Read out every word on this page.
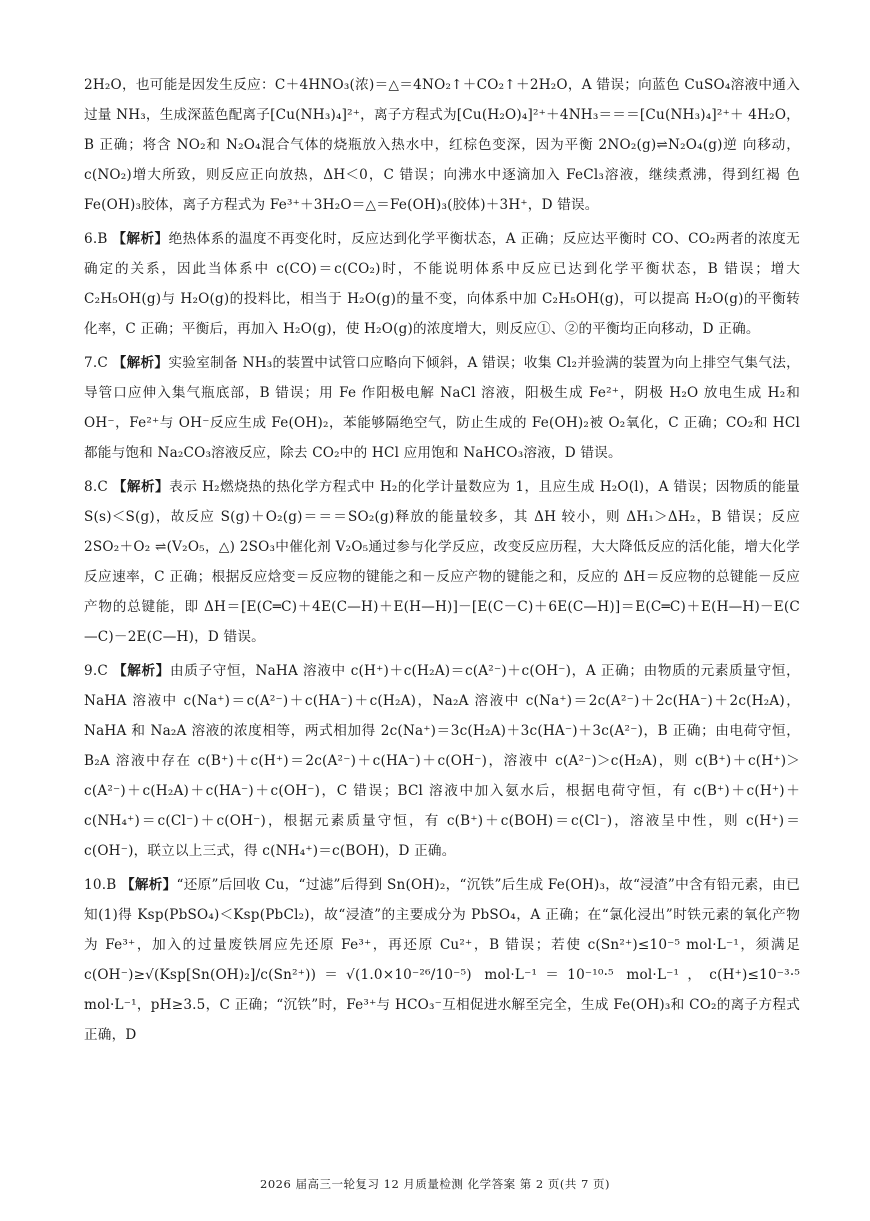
2H₂O，也可能是因发生反应：C＋4HNO₃(浓)＝△＝4NO₂↑＋CO₂↑＋2H₂O，A 错误；向蓝色 CuSO₄溶液中通入 过量 NH₃，生成深蓝色配离子[Cu(NH₃)₄]²⁺，离子方程式为[Cu(H₂O)₄]²⁺＋4NH₃＝＝＝[Cu(NH₃)₄]²⁺＋ 4H₂O，B 正确；将含 NO₂和 N₂O₄混合气体的烧瓶放入热水中，红棕色变深，因为平衡 2NO₂(g)⇌N₂O₄(g)逆 向移动，c(NO₂)增大所致，则反应正向放热，ΔH＜0，C 错误；向沸水中逐滴加入 FeCl₃溶液，继续煮沸，得到红褐 色 Fe(OH)₃胶体，离子方程式为 Fe³⁺＋3H₂O＝△＝Fe(OH)₃(胶体)＋3H⁺，D 错误。

6.B 【解析】绝热体系的温度不再变化时，反应达到化学平衡状态，A 正确；反应达平衡时 CO、CO₂两者的浓度无确定的关系，因此当体系中 c(CO)＝c(CO₂)时，不能说明体系中反应已达到化学平衡状态，B 错误；增大 C₂H₅OH(g)与 H₂O(g)的投料比，相当于 H₂O(g)的量不变，向体系中加 C₂H₅OH(g)，可以提高 H₂O(g)的平衡转化率，C 正确；平衡后，再加入 H₂O(g)，使 H₂O(g)的浓度增大，则反应①、②的平衡均正向移动，D 正确。

7.C 【解析】实验室制备 NH₃的装置中试管口应略向下倾斜，A 错误；收集 Cl₂并验满的装置为向上排空气集气法，导管口应伸入集气瓶底部，B 错误；用 Fe 作阳极电解 NaCl 溶液，阳极生成 Fe²⁺，阴极 H₂O 放电生成 H₂和 OH⁻，Fe²⁺与 OH⁻反应生成 Fe(OH)₂，苯能够隔绝空气，防止生成的 Fe(OH)₂被 O₂氧化，C 正确；CO₂和 HCl 都能与饱和 Na₂CO₃溶液反应，除去 CO₂中的 HCl 应用饱和 NaHCO₃溶液，D 错误。

8.C 【解析】表示 H₂燃烧热的热化学方程式中 H₂的化学计量数应为 1，且应生成 H₂O(l)，A 错误；因物质的能量 S(s)＜S(g)，故反应 S(g)＋O₂(g)＝＝＝SO₂(g)释放的能量较多，其 ΔH 较小，则 ΔH₁＞ΔH₂，B 错误；反应 2SO₂＋O₂ ⇌(V₂O₅，△) 2SO₃中催化剂 V₂O₅通过参与化学反应，改变反应历程，大大降低反应的活化能，增大化学反应速率，C 正确；根据反应焓变＝反应物的键能之和－反应产物的键能之和，反应的 ΔH＝反应物的总键能－反应产物的总键能，即 ΔH＝[E(C═C)＋4E(C—H)＋E(H—H)]－[E(C－C)＋6E(C—H)]＝E(C═C)＋E(H—H)－E(C—C)－2E(C—H)，D 错误。

9.C 【解析】由质子守恒，NaHA 溶液中 c(H⁺)＋c(H₂A)＝c(A²⁻)＋c(OH⁻)，A 正确；由物质的元素质量守恒，NaHA 溶液中 c(Na⁺)＝c(A²⁻)＋c(HA⁻)＋c(H₂A)，Na₂A 溶液中 c(Na⁺)＝2c(A²⁻)＋2c(HA⁻)＋2c(H₂A)，NaHA 和 Na₂A 溶液的浓度相等，两式相加得 2c(Na⁺)＝3c(H₂A)＋3c(HA⁻)＋3c(A²⁻)，B 正确；由电荷守恒，B₂A 溶液中存在 c(B⁺)＋c(H⁺)＝2c(A²⁻)＋c(HA⁻)＋c(OH⁻)，溶液中 c(A²⁻)＞c(H₂A)，则 c(B⁺)＋c(H⁺)＞c(A²⁻)＋c(H₂A)＋c(HA⁻)＋c(OH⁻)，C 错误；BCl 溶液中加入氨水后，根据电荷守恒，有 c(B⁺)＋c(H⁺)＋c(NH₄⁺)＝c(Cl⁻)＋c(OH⁻)，根据元素质量守恒，有 c(B⁺)＋c(BOH)＝c(Cl⁻)，溶液呈中性，则 c(H⁺)＝c(OH⁻)，联立以上三式，得 c(NH₄⁺)＝c(BOH)，D 正确。

10.B 【解析】“还原”后回收 Cu，“过滤”后得到 Sn(OH)₂，“沉铁”后生成 Fe(OH)₃，故“浸渣”中含有铅元素，由已知(1)得 Ksp(PbSO₄)＜Ksp(PbCl₂)，故“浸渣”的主要成分为 PbSO₄，A 正确；在“氯化浸出”时铁元素的氧化产物为 Fe³⁺，加入的过量废铁屑应先还原 Fe³⁺，再还原 Cu²⁺，B 错误；若使 c(Sn²⁺)≤10⁻⁵ mol·L⁻¹，须满足 c(OH⁻)≥√(Ksp[Sn(OH)₂]/c(Sn²⁺))＝√(1.0×10⁻²⁶/10⁻⁵) mol·L⁻¹＝10⁻¹⁰·⁵ mol·L⁻¹，c(H⁺)≤10⁻³·⁵ mol·L⁻¹，pH≥3.5，C 正确；“沉铁”时，Fe³⁺与 HCO₃⁻互相促进水解至完全，生成 Fe(OH)₃和 CO₂的离子方程式正确，D

2026 届高三一轮复习 12 月质量检测 化学答案 第 2 页(共 7 页)
